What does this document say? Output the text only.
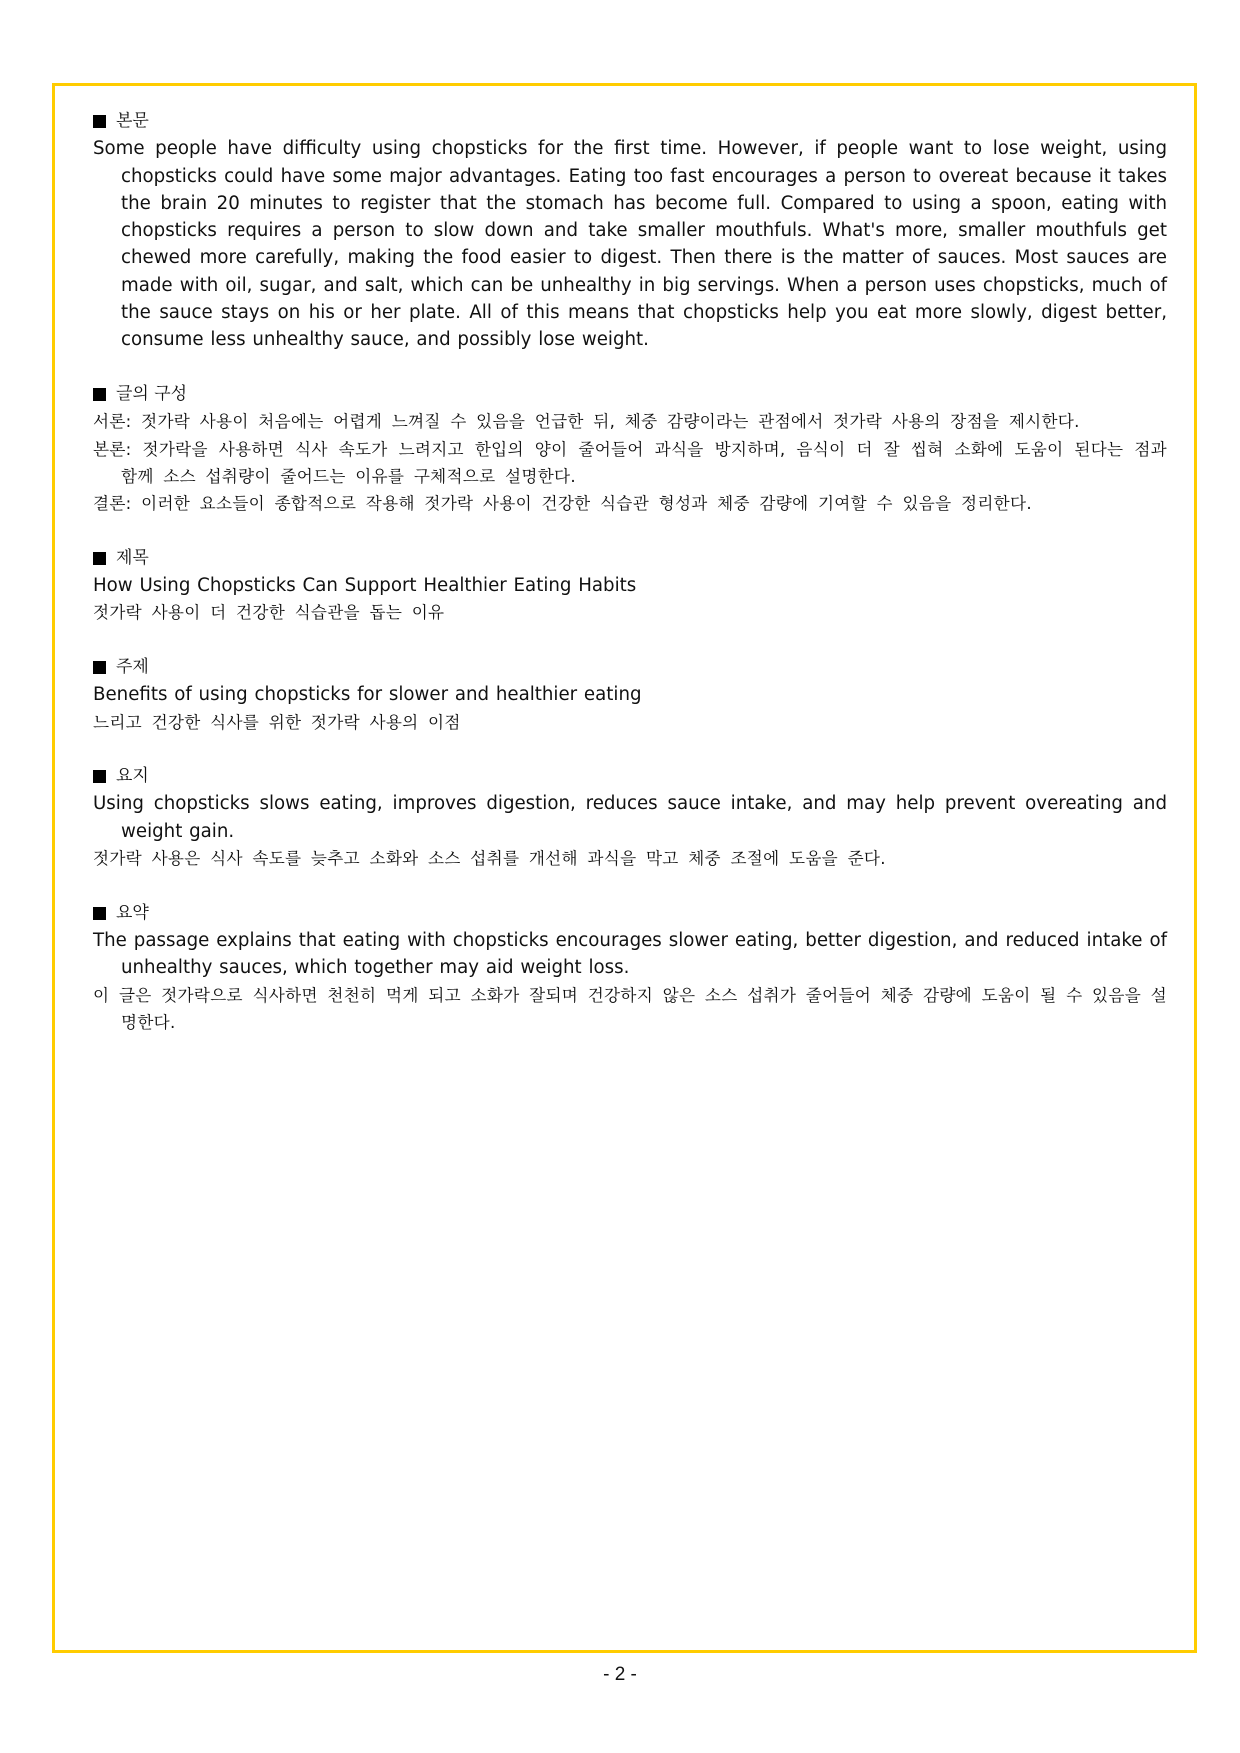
본문

Some people have difficulty using chopsticks for the first time. However, if people want to lose weight, using chopsticks could have some major advantages. Eating too fast encourages a person to overeat because it takes the brain 20 minutes to register that the stomach has become full. Compared to using a spoon, eating with chopsticks requires a person to slow down and take smaller mouthfuls. What's more, smaller mouthfuls get chewed more carefully, making the food easier to digest. Then there is the matter of sauces. Most sauces are made with oil, sugar, and salt, which can be unhealthy in big servings. When a person uses chopsticks, much of the sauce stays on his or her plate. All of this means that chopsticks help you eat more slowly, digest better, consume less unhealthy sauce, and possibly lose weight.

글의 구성

서론: 젓가락 사용이 처음에는 어렵게 느껴질 수 있음을 언급한 뒤, 체중 감량이라는 관점에서 젓가락 사용의 장점을 제시한다.

본론: 젓가락을 사용하면 식사 속도가 느려지고 한입의 양이 줄어들어 과식을 방지하며, 음식이 더 잘 씹혀 소화에 도움이 된다는 점과 함께 소스 섭취량이 줄어드는 이유를 구체적으로 설명한다.

결론: 이러한 요소들이 종합적으로 작용해 젓가락 사용이 건강한 식습관 형성과 체중 감량에 기여할 수 있음을 정리한다.

제목

How Using Chopsticks Can Support Healthier Eating Habits

젓가락 사용이 더 건강한 식습관을 돕는 이유

주제

Benefits of using chopsticks for slower and healthier eating

느리고 건강한 식사를 위한 젓가락 사용의 이점

요지

Using chopsticks slows eating, improves digestion, reduces sauce intake, and may help prevent overeating and weight gain.

젓가락 사용은 식사 속도를 늦추고 소화와 소스 섭취를 개선해 과식을 막고 체중 조절에 도움을 준다.

요약

The passage explains that eating with chopsticks encourages slower eating, better digestion, and reduced intake of unhealthy sauces, which together may aid weight loss.

이 글은 젓가락으로 식사하면 천천히 먹게 되고 소화가 잘되며 건강하지 않은 소스 섭취가 줄어들어 체중 감량에 도움이 될 수 있음을 설명한다.

- 2 -
